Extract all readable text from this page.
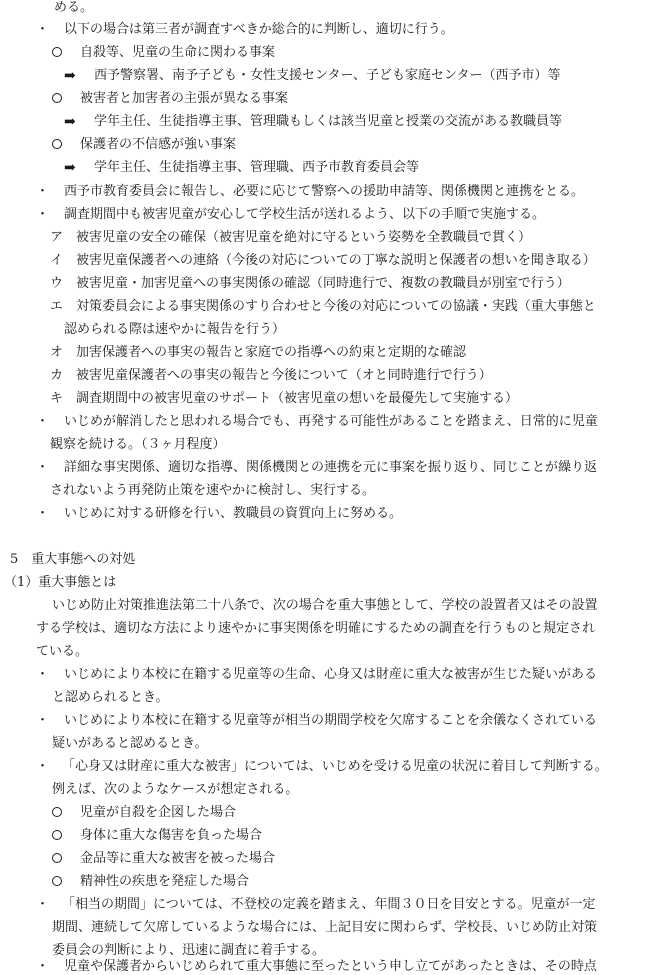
める。
・ 以下の場合は第三者が調査すべきか総合的に判断し、適切に行う。
自殺等、児童の生命に関わる事案
➡ 西予警察署、南予子ども・女性支援センター、子ども家庭センター（西予市）等
被害者と加害者の主張が異なる事案
➡ 学年主任、生徒指導主事、管理職もしくは該当児童と授業の交流がある教職員等
保護者の不信感が強い事案
➡ 学年主任、生徒指導主事、管理職、西予市教育委員会等
・ 西予市教育委員会に報告し、必要に応じて警察への援助申請等、関係機関と連携をとる。
・ 調査期間中も被害児童が安心して学校生活が送れるよう、以下の手順で実施する。
ア　被害児童の安全の確保（被害児童を絶対に守るという姿勢を全教職員で貫く）
イ　被害児童保護者への連絡（今後の対応についての丁寧な説明と保護者の想いを聞き取る）
ウ　被害児童・加害児童への事実関係の確認（同時進行で、複数の教職員が別室で行う）
エ　対策委員会による事実関係のすり合わせと今後の対応についての協議・実践（重大事態と
認められる際は速やかに報告を行う）
オ　加害保護者への事実の報告と家庭での指導への約束と定期的な確認
カ　被害児童保護者への事実の報告と今後について（オと同時進行で行う）
キ　調査期間中の被害児童のサポート（被害児童の想いを最優先して実施する）
・ いじめが解消したと思われる場合でも、再発する可能性があることを踏まえ、日常的に児童
観察を続ける。（３ヶ月程度）
・ 詳細な事実関係、適切な指導、関係機関との連携を元に事案を振り返り、同じことが繰り返
されないよう再発防止策を速やかに検討し、実行する。
・ いじめに対する研修を行い、教職員の資質向上に努める。
5　重大事態への対処
（1）重大事態とは
いじめ防止対策推進法第二十八条で、次の場合を重大事態として、学校の設置者又はその設置
する学校は、適切な方法により速やかに事実関係を明確にするための調査を行うものと規定され
ている。
・ いじめにより本校に在籍する児童等の生命、心身又は財産に重大な被害が生じた疑いがある
と認められるとき。
・ いじめにより本校に在籍する児童等が相当の期間学校を欠席することを余儀なくされている
疑いがあると認めるとき。
・ 「心身又は財産に重大な被害」については、いじめを受ける児童の状況に着目して判断する。
例えば、次のようなケースが想定される。
児童が自殺を企図した場合
身体に重大な傷害を負った場合
金品等に重大な被害を被った場合
精神性の疾患を発症した場合
・ 「相当の期間」については、不登校の定義を踏まえ、年間３０日を目安とする。児童が一定
期間、連続して欠席しているような場合には、上記目安に関わらず、学校長、いじめ防止対策
委員会の判断により、迅速に調査に着手する。
・ 児童や保護者からいじめられて重大事態に至ったという申し立てがあったときは、その時点
